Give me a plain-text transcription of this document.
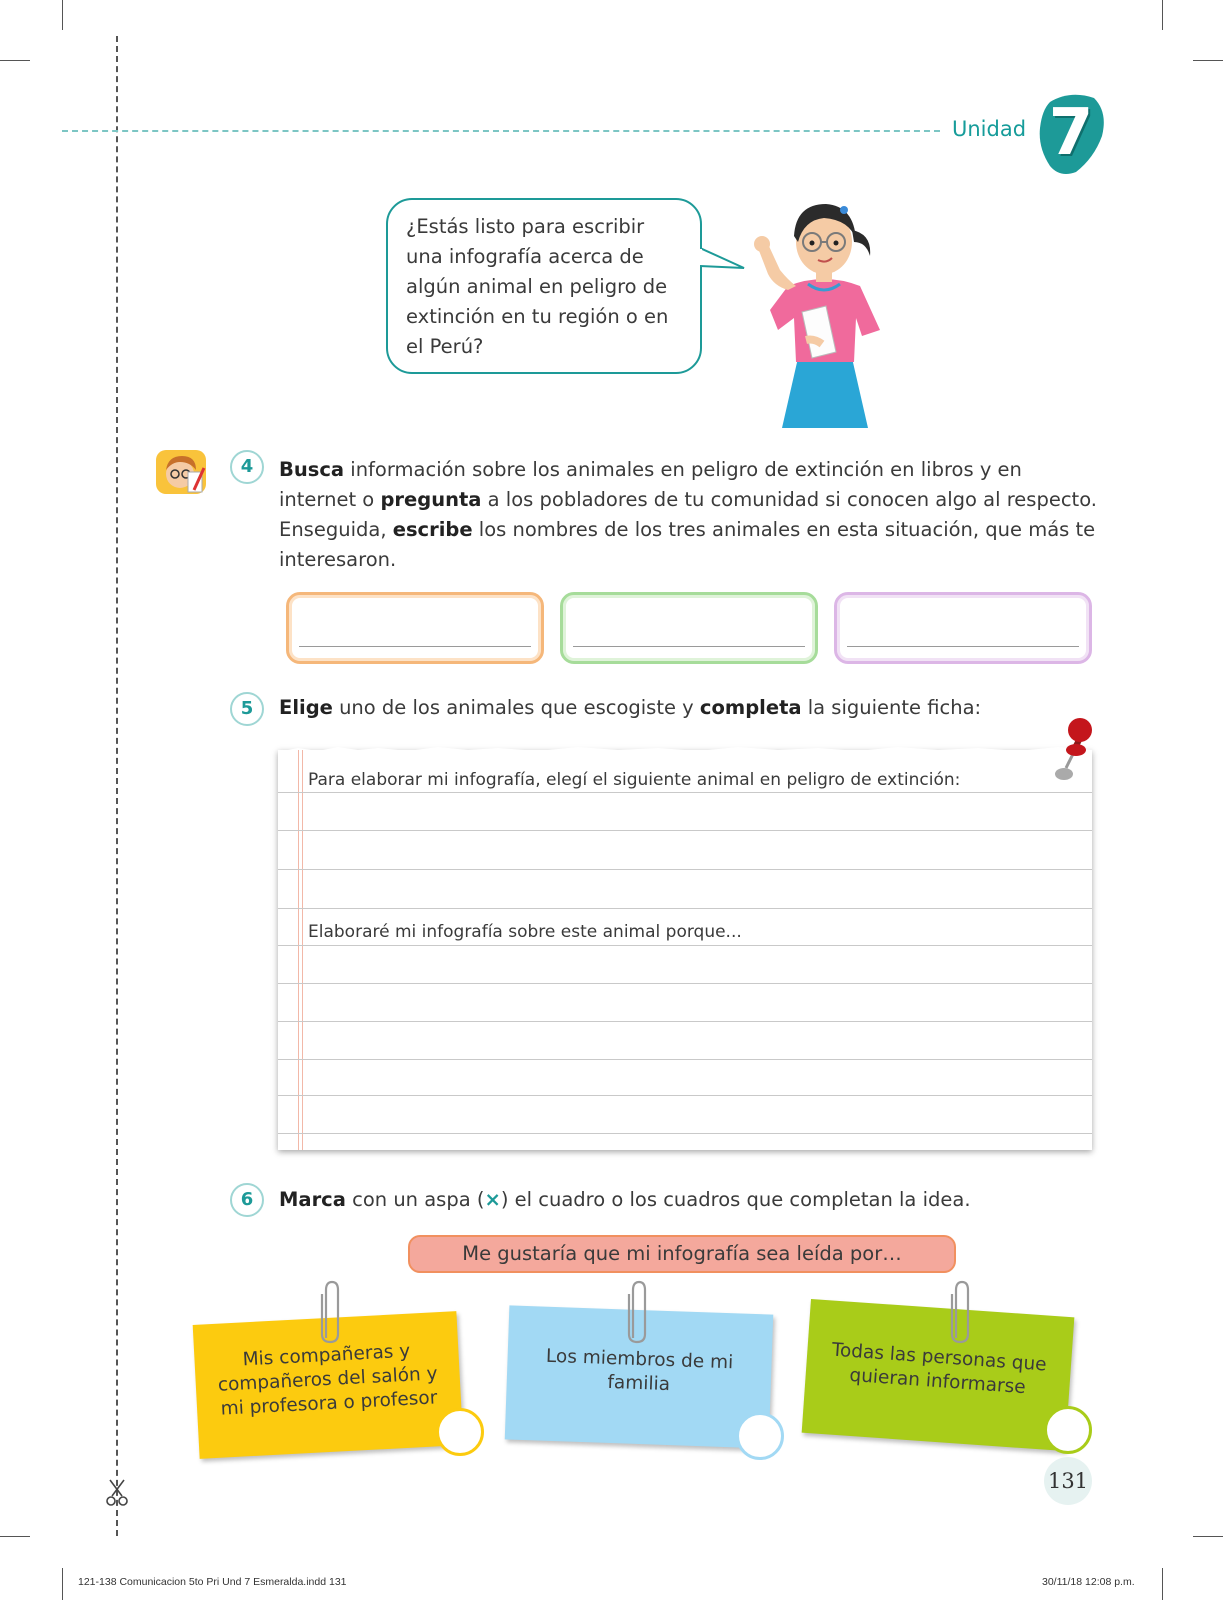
Unidad 7
¿Estás listo para escribir una infografía acerca de algún animal en peligro de extinción en tu región o en el Perú?
4	Busca información sobre los animales en peligro de extinción en libros y en internet o pregunta a los pobladores de tu comunidad si conocen algo al respecto. Enseguida, escribe los nombres de los tres animales en esta situación, que más te interesaron.
5	Elige uno de los animales que escogiste y completa la siguiente ficha:
Para elaborar mi infografía, elegí el siguiente animal en peligro de extinción:
Elaboraré mi infografía sobre este animal porque...
6	Marca con un aspa (×) el cuadro o los cuadros que completan la idea.
Me gustaría que mi infografía sea leída por…
Mis compañeras y compañeros del salón y mi profesora o profesor
Los miembros de mi familia
Todas las personas que quieran informarse
131
121-138 Comunicacion 5to Pri Und 7 Esmeralda.indd 131	30/11/18 12:08 p.m.
